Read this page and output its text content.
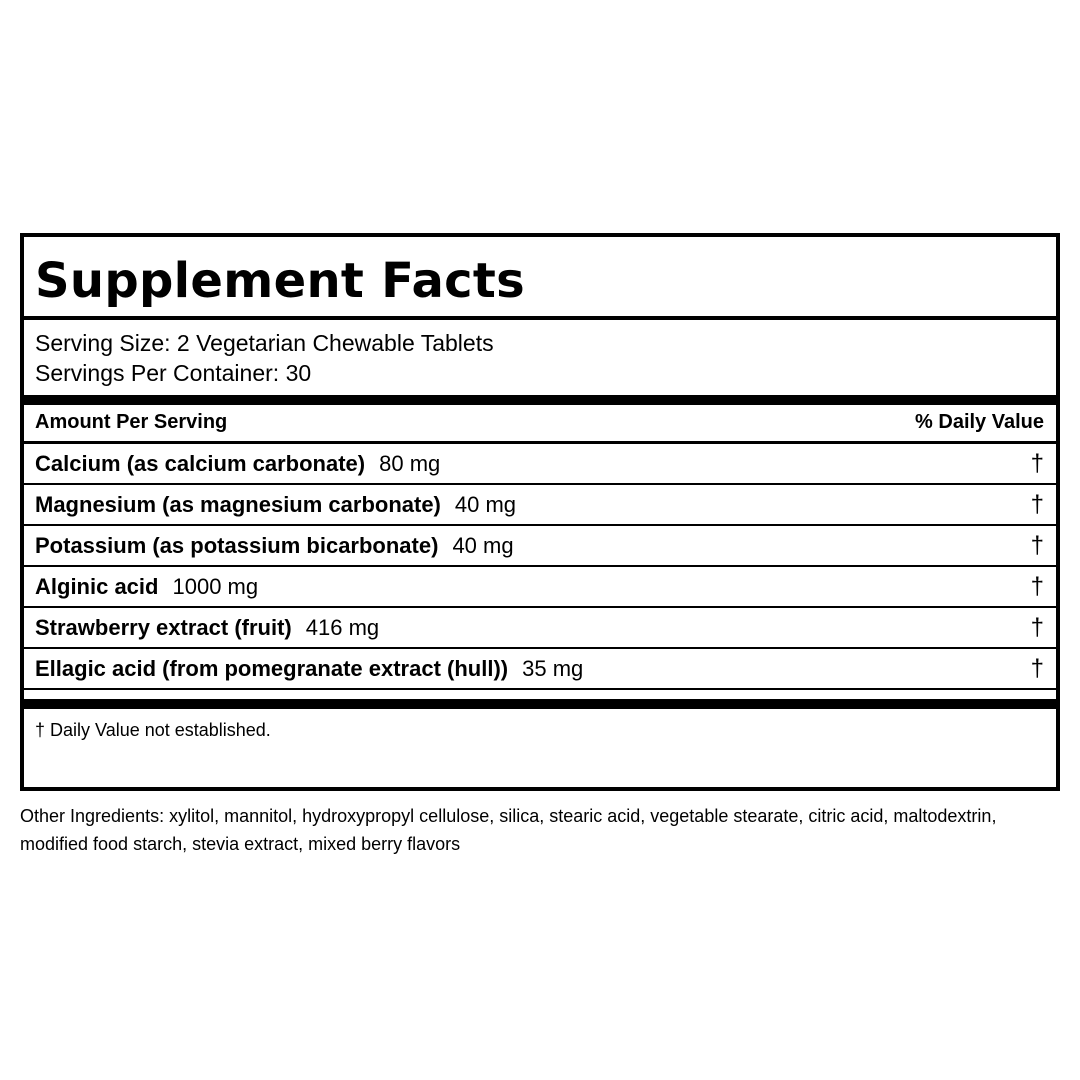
Supplement Facts
Serving Size: 2 Vegetarian Chewable Tablets
Servings Per Container: 30
Amount Per Serving	% Daily Value
Calcium (as calcium carbonate) 80 mg	†
Magnesium (as magnesium carbonate) 40 mg	†
Potassium (as potassium bicarbonate) 40 mg	†
Alginic acid 1000 mg	†
Strawberry extract (fruit) 416 mg	†
Ellagic acid (from pomegranate extract (hull)) 35 mg	†
† Daily Value not established.
Other Ingredients: xylitol, mannitol, hydroxypropyl cellulose, silica, stearic acid, vegetable stearate, citric acid, maltodextrin, modified food starch, stevia extract, mixed berry flavors
